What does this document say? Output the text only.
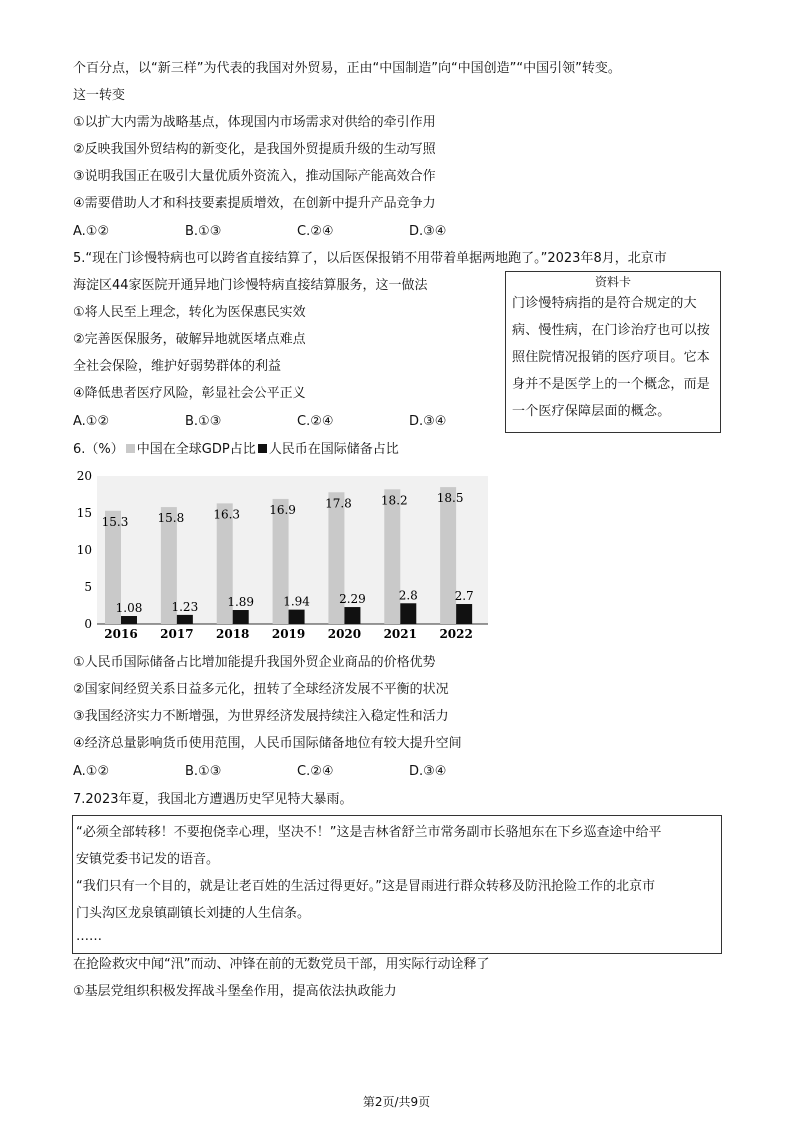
个百分点，以“新三样”为代表的我国对外贸易，正由“中国制造”向“中国创造”“中国引领”转变。
这一转变
①以扩大内需为战略基点，体现国内市场需求对供给的牵引作用
②反映我国外贸结构的新变化，是我国外贸提质升级的生动写照
③说明我国正在吸引大量优质外资流入，推动国际产能高效合作
④需要借助人才和科技要素提质增效，在创新中提升产品竞争力
A.①②	B.①③	C.②④	D.③④
5.“现在门诊慢特病也可以跨省直接结算了，以后医保报销不用带着单据两地跑了。”2023年8月，北京市
海淀区44家医院开通异地门诊慢特病直接结算服务，这一做法
①将人民至上理念，转化为医保惠民实效
②完善医保服务，破解异地就医堵点难点
全社会保险，维护好弱势群体的利益
④降低患者医疗风险，彰显社会公平正义
A.①②	B.①③	C.②④	D.③④
资料卡
门诊慢特病指的是符合规定的大
病、慢性病，在门诊治疗也可以按
照住院情况报销的医疗项目。它本
身并不是医学上的一个概念，而是
一个医疗保障层面的概念。
6.（%） 中国在全球GDP占比 人民币在国际储备占比
0
5
10
15
20
2016 2017 2018 2019 2020 2021 2022
15.3
1.08
15.8
1.23
16.3
1.89
16.9
1.94
17.8
2.29
18.2
2.8
18.5
2.7
①人民币国际储备占比增加能提升我国外贸企业商品的价格优势
②国家间经贸关系日益多元化，扭转了全球经济发展不平衡的状况
③我国经济实力不断增强，为世界经济发展持续注入稳定性和活力
④经济总量影响货币使用范围，人民币国际储备地位有较大提升空间
A.①②	B.①③	C.②④	D.③④
7.2023年夏，我国北方遭遇历史罕见特大暴雨。
“必须全部转移！不要抱侥幸心理，坚决不！”这是吉林省舒兰市常务副市长骆旭东在下乡巡查途中给平
安镇党委书记发的语音。
“我们只有一个目的，就是让老百姓的生活过得更好。”这是冒雨进行群众转移及防汛抢险工作的北京市
门头沟区龙泉镇副镇长刘捷的人生信条。
……
在抢险救灾中闻“汛”而动、冲锋在前的无数党员干部，用实际行动诠释了
①基层党组织积极发挥战斗堡垒作用，提高依法执政能力
第2页/共9页
